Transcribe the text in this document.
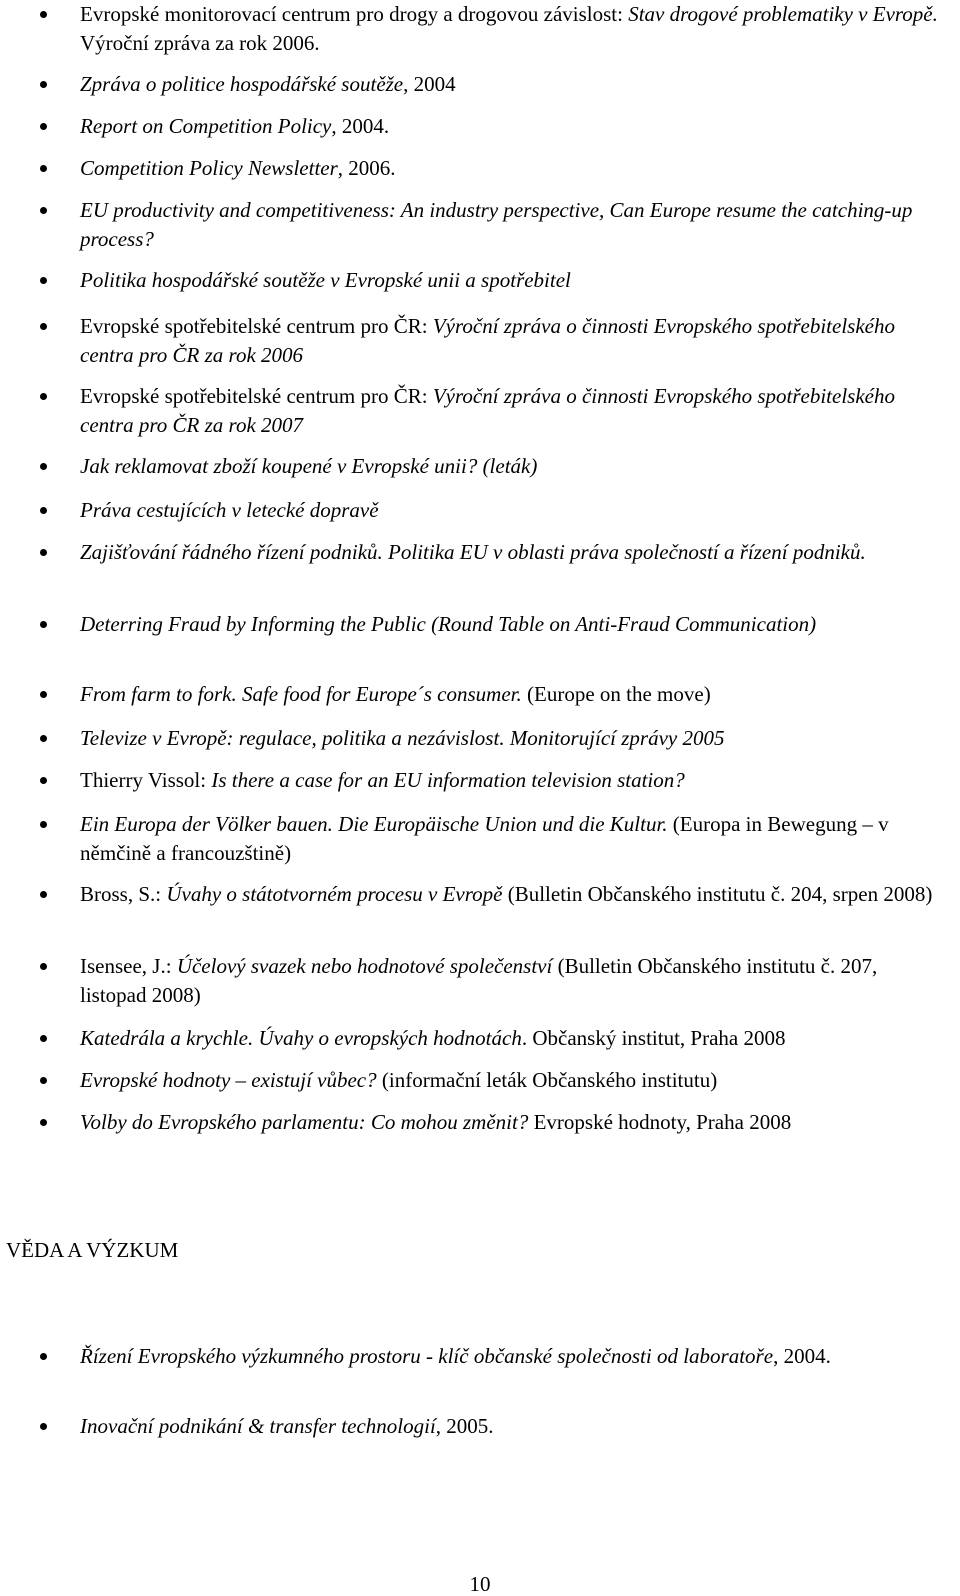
Evropské monitorovací centrum pro drogy a drogovou závislost: Stav drogové problematiky v Evropě. Výroční zpráva za rok 2006.
Zpráva o politice hospodářské soutěže, 2004
Report on Competition Policy, 2004.
Competition Policy Newsletter, 2006.
EU productivity and competitiveness: An industry perspective, Can Europe resume the catching-up process?
Politika hospodářské soutěže v Evropské unii a spotřebitel
Evropské spotřebitelské centrum pro ČR: Výroční zpráva o činnosti Evropského spotřebitelského centra pro ČR za rok 2006
Evropské spotřebitelské centrum pro ČR: Výroční zpráva o činnosti Evropského spotřebitelského centra pro ČR za rok 2007
Jak reklamovat zboží koupené v Evropské unii? (leták)
Práva cestujících v letecké dopravě
Zajišťování řádného řízení podniků. Politika EU v oblasti práva společností a řízení podniků.
Deterring Fraud by Informing the Public (Round Table on Anti-Fraud Communication)
From farm to fork. Safe food for Europe´s consumer. (Europe on the move)
Televize v Evropě: regulace, politika a nezávislost. Monitorující zprávy 2005
Thierry Vissol: Is there a case for an EU information television station?
Ein Europa der Völker bauen. Die Europäische Union und die Kultur. (Europa in Bewegung – v němčině a francouzštině)
Bross, S.: Úvahy o státotvorném procesu v Evropě (Bulletin Občanského institutu č. 204, srpen 2008)
Isensee, J.: Účelový svazek nebo hodnotové společenství (Bulletin Občanského institutu č. 207, listopad 2008)
Katedrála a krychle. Úvahy o evropských hodnotách. Občanský institut, Praha 2008
Evropské hodnoty – existují vůbec? (informační leták Občanského institutu)
Volby do Evropského parlamentu: Co mohou změnit? Evropské hodnoty, Praha 2008
VĚDA A VÝZKUM
Řízení Evropského výzkumného prostoru - klíč občanské společnosti od laboratoře, 2004.
Inovační podnikání & transfer technologií, 2005.
10
